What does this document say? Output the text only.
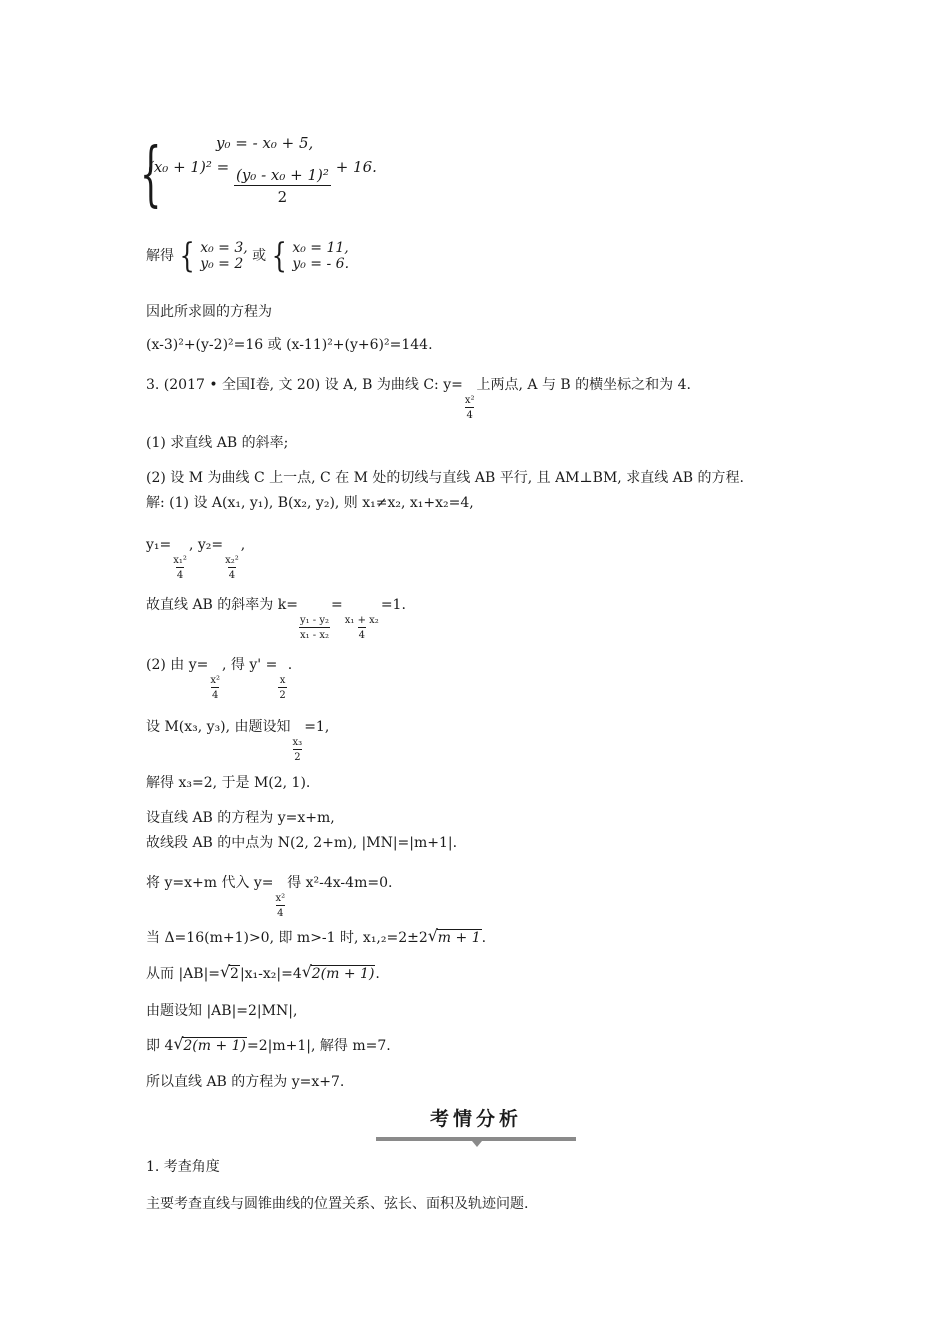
{	y₀ = - x₀ + 5,
$(x_0 + 1)^2 = \frac{\text{(y₀ - x₀ + 1)²}}{2} + 16$.
解得 { x₀ = 3,
y₀ = 2 或 { x₀ = 11,
y₀ = - 6.
因此所求圆的方程为
(x-3)²+(y-2)²=16 或 (x-11)²+(y+6)²=144.
3. (2017 • 全国Ⅰ卷, 文 20) 设 A, B 为曲线 C: y=
$\frac{\text{x²}}{4}$
上两点, A 与 B 的横坐标之和为 4.
(1) 求直线 AB 的斜率;
(2) 设 M 为曲线 C 上一点, C 在 M 处的切线与直线 AB 平行, 且 AM⊥BM, 求直线 AB 的方程.
解: (1) 设 A(x₁, y₁), B(x₂, y₂), 则 x₁≠x₂, x₁+x₂=4,
y₁=
$\frac{\text{x₁²}}{4}$
, y₂=
$\frac{\text{x₂²}}{4}$
,
故直线 AB 的斜率为 k=
$\frac{\text{y₁ - y₂}}{\text{x₁ - x₂}}$
=
$\frac{\text{x₁ + x₂}}{4}$
=1.
(2) 由 y=
$\frac{\text{x²}}{4}$
, 得 y' =
$\frac{x}{2}$
.
设 M(x₃, y₃), 由题设知
$\frac{\text{x₃}}{2}$
=1,
解得 x₃=2, 于是 M(2, 1).
设直线 AB 的方程为 y=x+m,
故线段 AB 的中点为 N(2, 2+m), |MN|=|m+1|.
将 y=x+m 代入 y=
$\frac{\text{x²}}{4}$
得 x²-4x-4m=0.
当 Δ=16(m+1)>0, 即 m>-1 时, x₁,₂=2±2 √ m + 1.
从而 |AB|= √ 2|x₁-x₂|=4 √ 2(m + 1).
由题设知 |AB|=2|MN|,
即 4 √ 2(m + 1)=2|m+1|, 解得 m=7.
所以直线 AB 的方程为 y=x+7.
考情分析
1. 考查角度
主要考查直线与圆锥曲线的位置关系、弦长、面积及轨迹问题.
